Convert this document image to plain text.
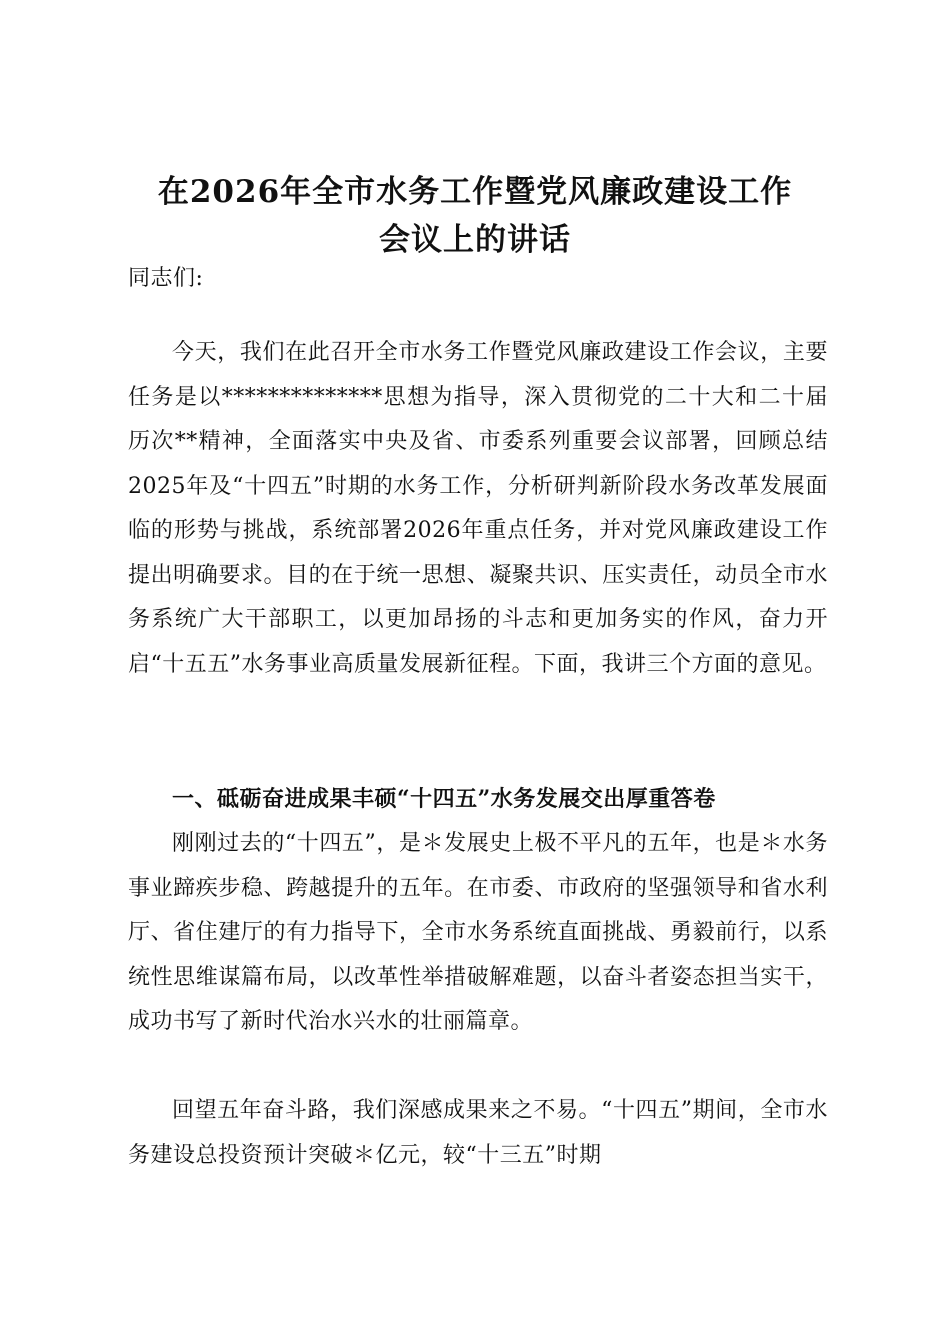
在2026年全市水务工作暨党风廉政建设工作
会议上的讲话

同志们:

今天，我们在此召开全市水务工作暨党风廉政建设工作会议，主要任务是以**************思想为指导，深入贯彻党的二十大和二十届历次**精神，全面落实中央及省、市委系列重要会议部署，回顾总结2025年及“十四五”时期的水务工作，分析研判新阶段水务改革发展面临的形势与挑战，系统部署2026年重点任务，并对党风廉政建设工作提出明确要求。目的在于统一思想、凝聚共识、压实责任，动员全市水务系统广大干部职工，以更加昂扬的斗志和更加务实的作风，奋力开启“十五五”水务事业高质量发展新征程。下面，我讲三个方面的意见。

一、砥砺奋进成果丰硕“十四五”水务发展交出厚重答卷

刚刚过去的“十四五”，是＊发展史上极不平凡的五年，也是＊水务事业蹄疾步稳、跨越提升的五年。在市委、市政府的坚强领导和省水利厅、省住建厅的有力指导下，全市水务系统直面挑战、勇毅前行，以系统性思维谋篇布局，以改革性举措破解难题，以奋斗者姿态担当实干，成功书写了新时代治水兴水的壮丽篇章。

回望五年奋斗路，我们深感成果来之不易。“十四五”期间，全市水务建设总投资预计突破＊亿元，较“十三五”时期
